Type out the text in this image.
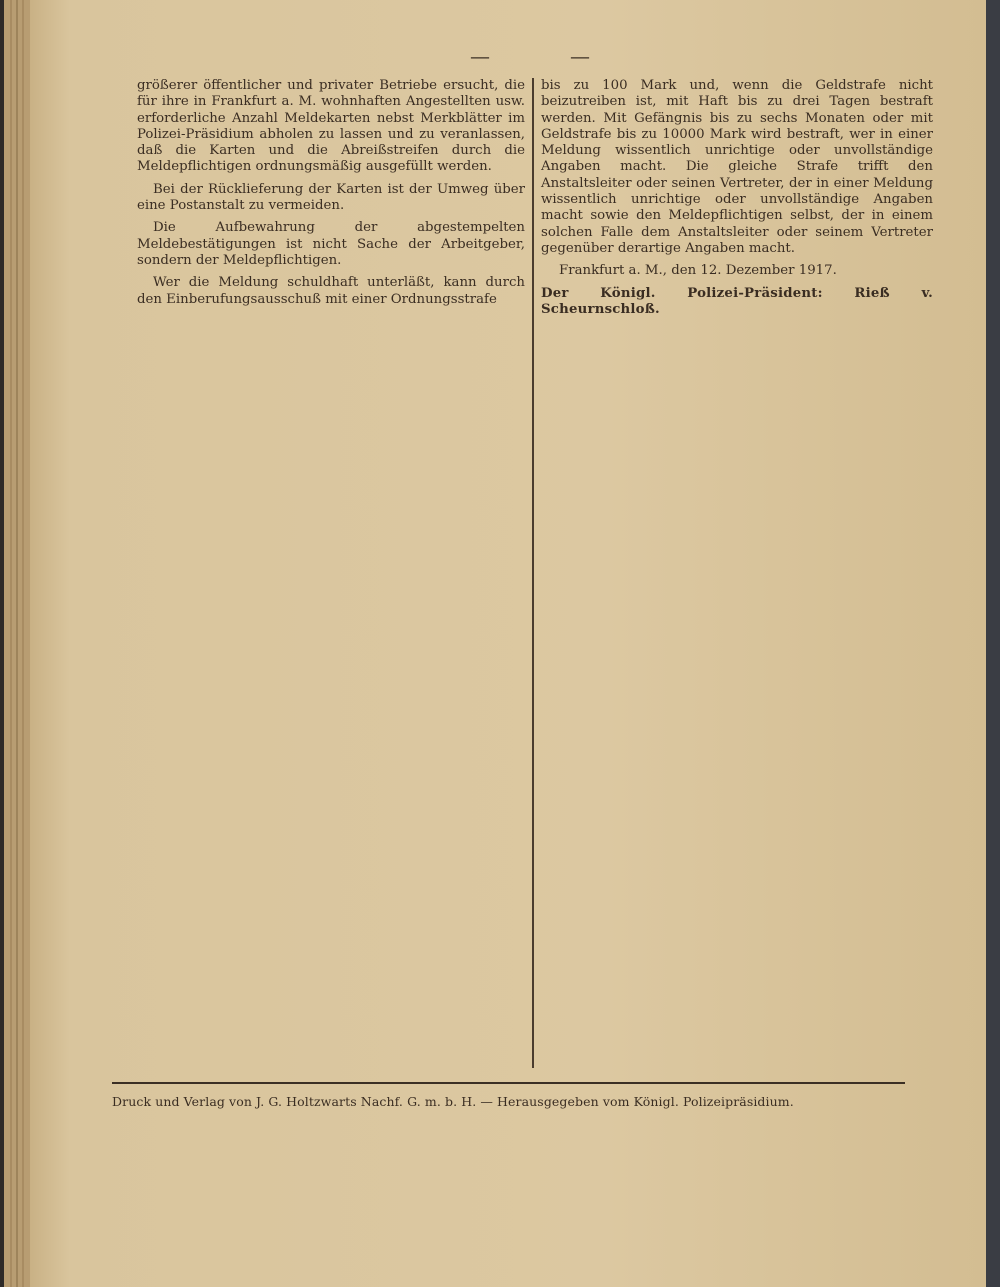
—	—

größerer öffentlicher und privater Betriebe ersucht, die für ihre in Frankfurt a. M. wohnhaften Angestellten usw. erforderliche Anzahl Meldekarten nebst Merkblätter im Polizei-Präsidium abholen zu lassen und zu veranlassen, daß die Karten und die Abreißstreifen durch die Meldepflichtigen ordnungsmäßig ausgefüllt werden.

Bei der Rücklieferung der Karten ist der Umweg über eine Postanstalt zu vermeiden.

Die Aufbewahrung der abgestempelten Meldebestätigungen ist nicht Sache der Arbeitgeber, sondern der Meldepflichtigen.

Wer die Meldung schuldhaft unterläßt, kann durch den Einberufungsausschuß mit einer Ordnungsstrafe

bis zu 100 Mark und, wenn die Geldstrafe nicht beizutreiben ist, mit Haft bis zu drei Tagen bestraft werden. Mit Gefängnis bis zu sechs Monaten oder mit Geldstrafe bis zu 10000 Mark wird bestraft, wer in einer Meldung wissentlich unrichtige oder unvollständige Angaben macht. Die gleiche Strafe trifft den Anstaltsleiter oder seinen Vertreter, der in einer Meldung wissentlich unrichtige oder unvollständige Angaben macht sowie den Meldepflichtigen selbst, der in einem solchen Falle dem Anstaltsleiter oder seinem Vertreter gegenüber derartige Angaben macht.

Frankfurt a. M., den 12. Dezember 1917.

Der Königl. Polizei-Präsident: Rieß v. Scheurnschloß.

Druck und Verlag von J. G. Holtzwarts Nachf. G. m. b. H. — Herausgegeben vom Königl. Polizeipräsidium.
